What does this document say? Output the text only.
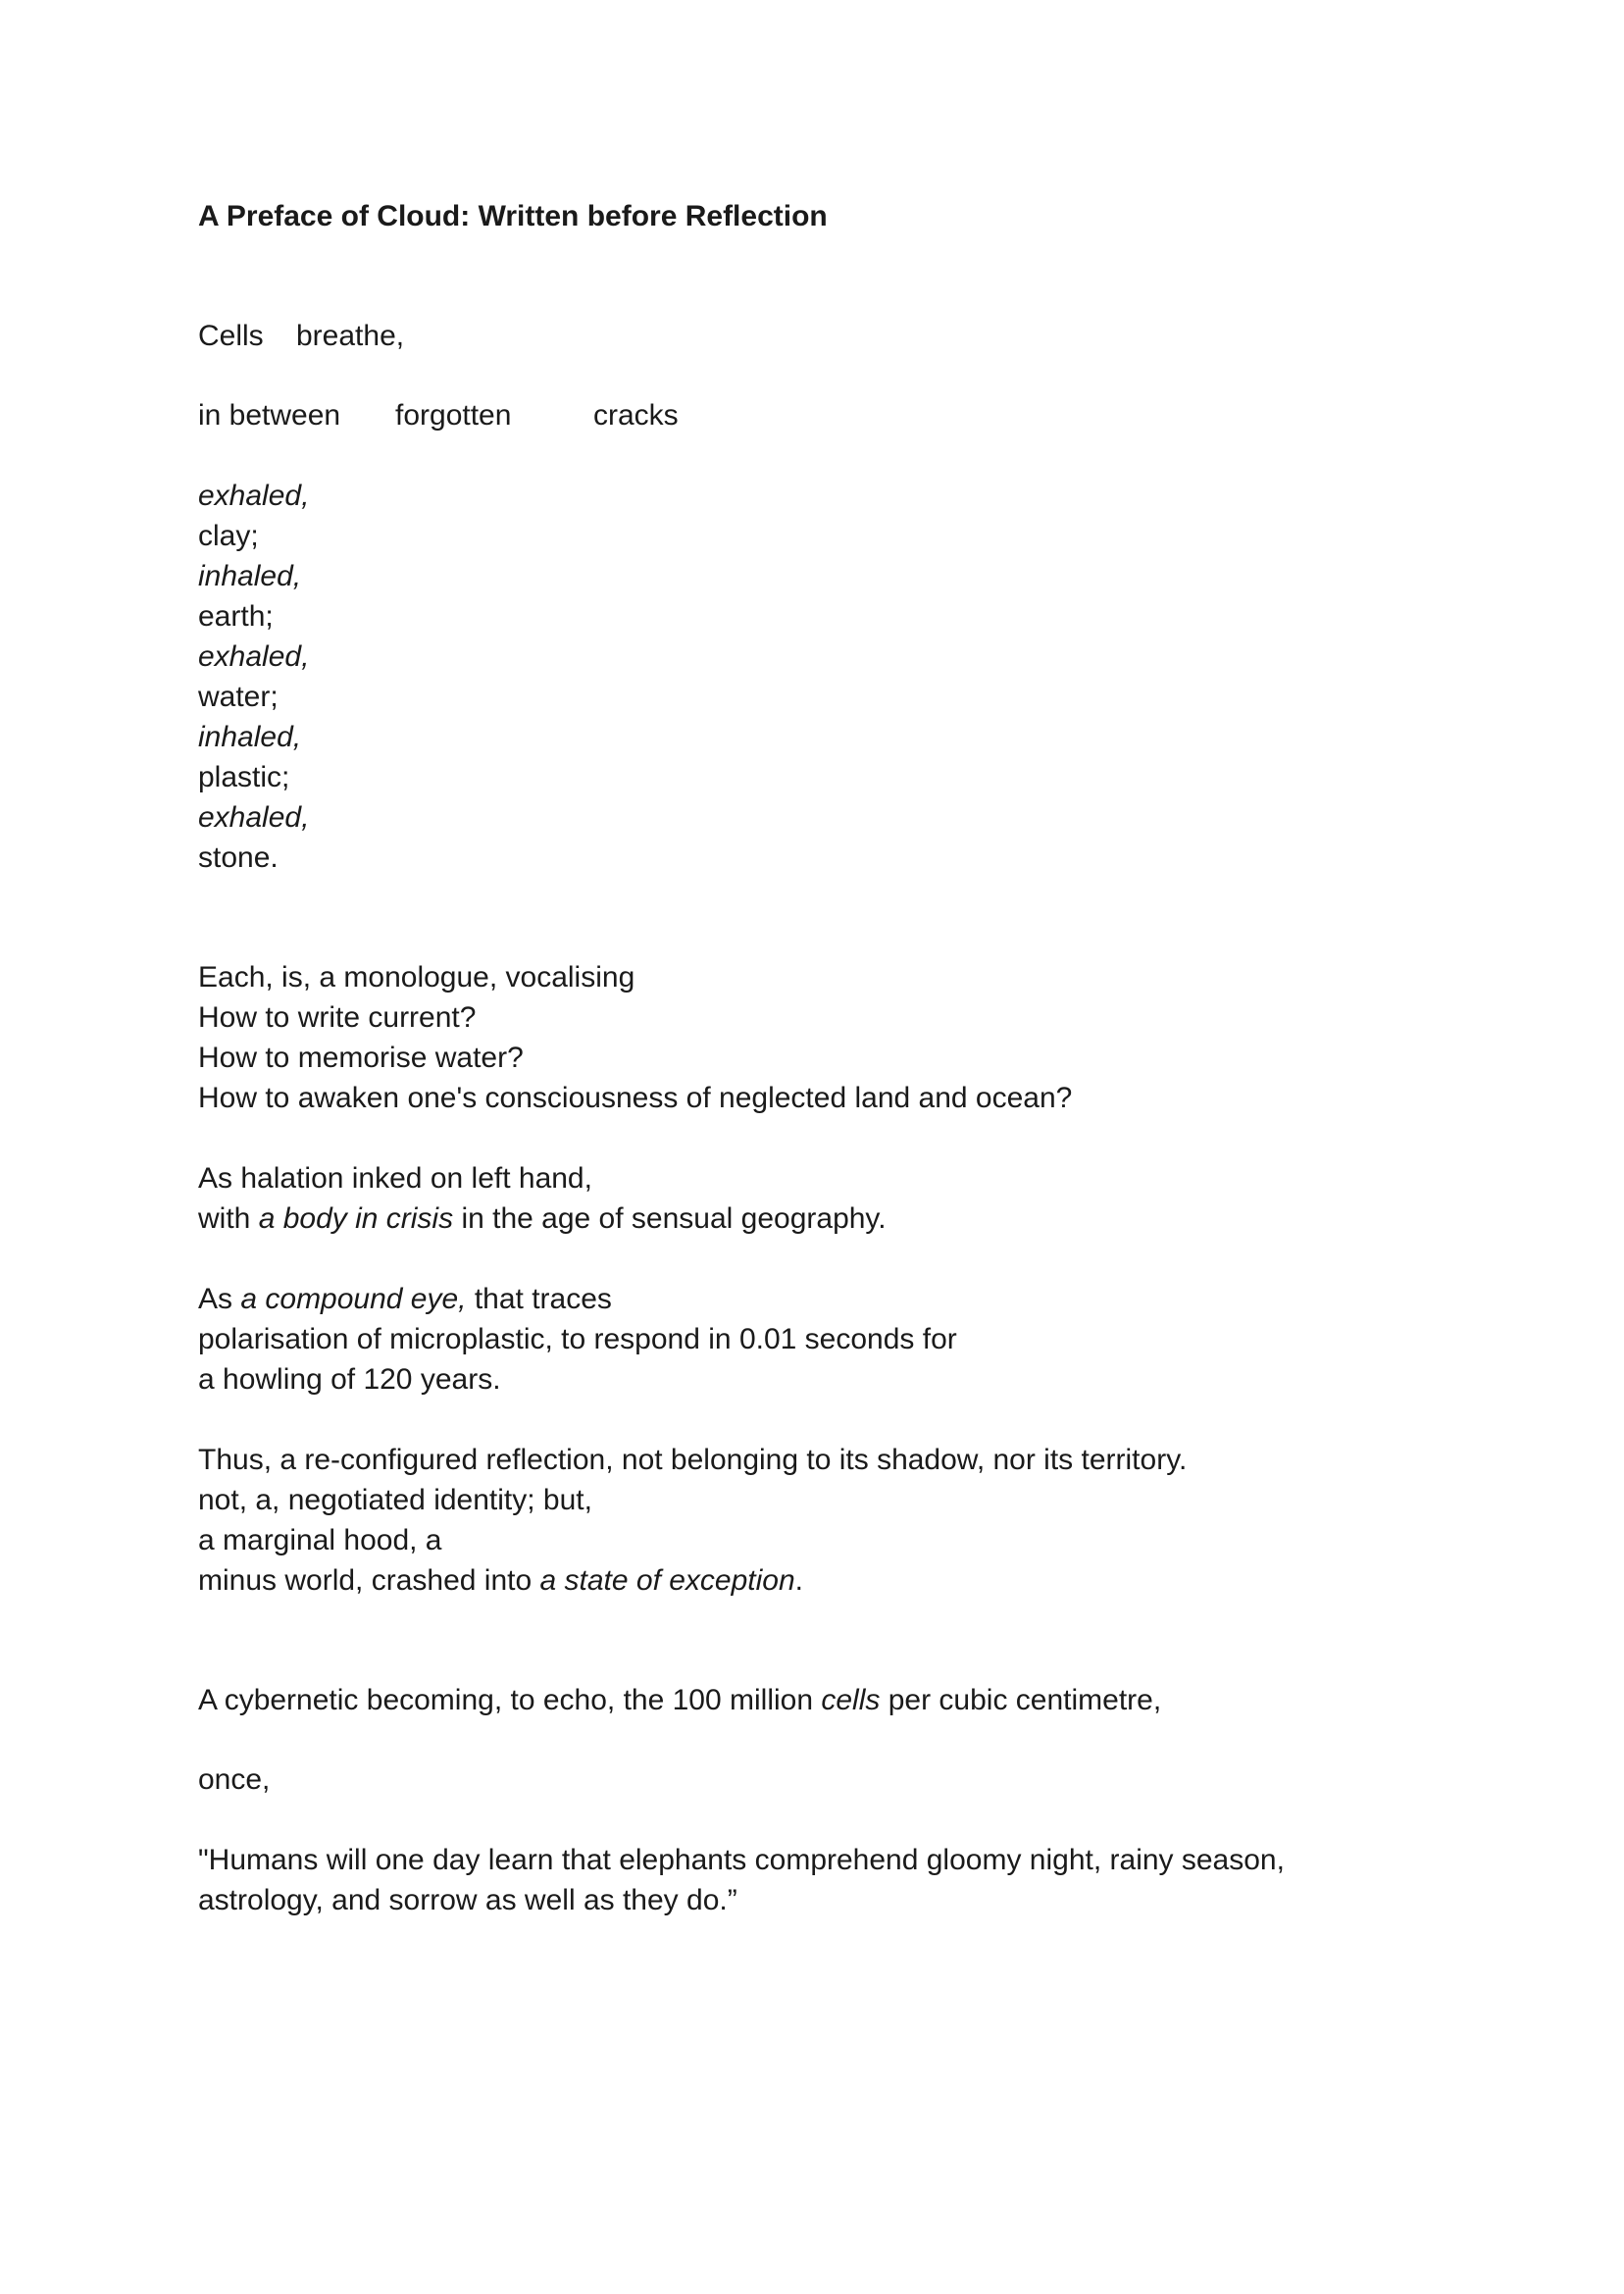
A Preface of Cloud: Written before Reflection

Cells breathe,
in between forgotten	cracks

exhaled,

clay;

inhaled,

earth;

exhaled,

water;

inhaled,

plastic;

exhaled,

stone.

Each, is, a monologue, vocalising

How to write current?

How to memorise water?

How to awaken one's consciousness of neglected land and ocean?

As halation inked on left hand,

with a body in crisis in the age of sensual geography.

As a compound eye, that traces

polarisation of microplastic, to respond in 0.01 seconds for

a howling of 120 years.

Thus, a re-configured reflection, not belonging to its shadow, nor its territory.

not, a, negotiated identity; but,

a marginal hood, a

minus world, crashed into a state of exception.

A cybernetic becoming, to echo, the 100 million cells per cubic centimetre,

once,

"Humans will one day learn that elephants comprehend gloomy night, rainy season,

astrology, and sorrow as well as they do.”
